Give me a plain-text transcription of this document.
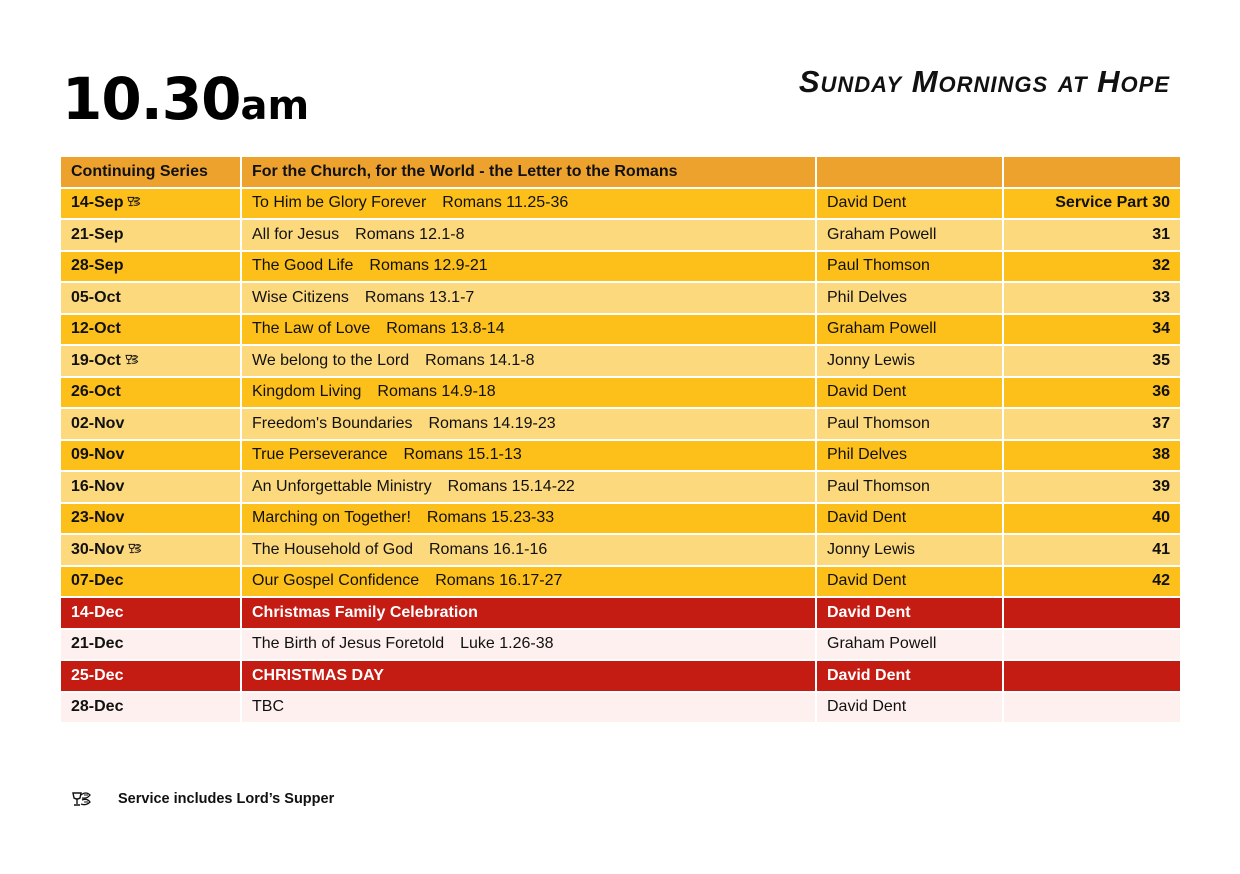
10.30am
Sunday Mornings at Hope
Continuing Series	For the Church, for the World - the Letter to the Romans		
14-Sep	To Him be Glory Forever Romans 11.25-36	David Dent	Service Part 30
21-Sep	All for Jesus Romans 12.1-8	Graham Powell	31
28-Sep	The Good Life Romans 12.9-21	Paul Thomson	32
05-Oct	Wise Citizens Romans 13.1-7	Phil Delves	33
12-Oct	The Law of Love Romans 13.8-14	Graham Powell	34
19-Oct	We belong to the Lord Romans 14.1-8	Jonny Lewis	35
26-Oct	Kingdom Living Romans 14.9-18	David Dent	36
02-Nov	Freedom's Boundaries Romans 14.19-23	Paul Thomson	37
09-Nov	True Perseverance Romans 15.1-13	Phil Delves	38
16-Nov	An Unforgettable Ministry Romans 15.14-22	Paul Thomson	39
23-Nov	Marching on Together! Romans 15.23-33	David Dent	40
30-Nov	The Household of God Romans 16.1-16	Jonny Lewis	41
07-Dec	Our Gospel Confidence Romans 16.17-27	David Dent	42
14-Dec	Christmas Family Celebration	David Dent	
21-Dec	The Birth of Jesus Foretold Luke 1.26-38	Graham Powell	
25-Dec	CHRISTMAS DAY	David Dent	
28-Dec	TBC	David Dent	
Service includes Lord’s Supper
